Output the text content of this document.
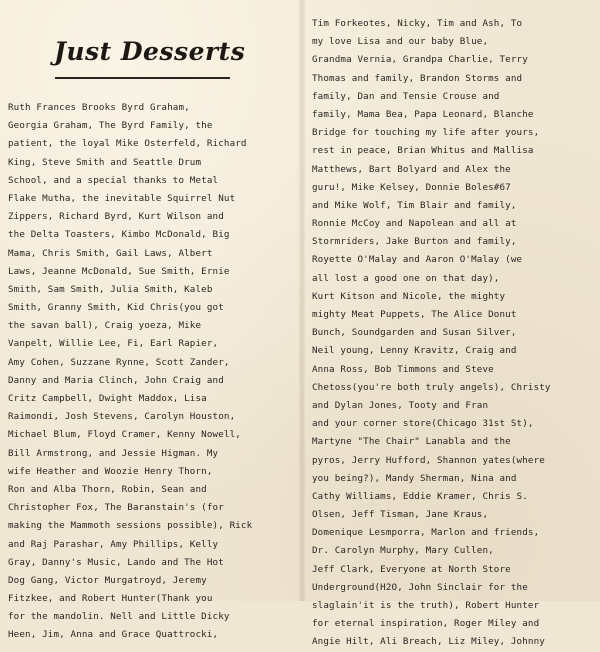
Just Desserts
Ruth Frances Brooks Byrd Graham,
Georgia Graham, The Byrd Family, the
patient, the loyal Mike Osterfeld, Richard
King, Steve Smith and Seattle Drum
School, and a special thanks to Metal
Flake Mutha, the inevitable Squirrel Nut
Zippers, Richard Byrd, Kurt Wilson and
the Delta Toasters, Kimbo McDonald, Big
Mama, Chris Smith, Gail Laws, Albert
Laws, Jeanne McDonald, Sue Smith, Ernie
Smith, Sam Smith, Julia Smith, Kaleb
Smith, Granny Smith, Kid Chris(you got
the savan ball), Craig yoeza, Mike
Vanpelt, Willie Lee, Fi, Earl Rapier,
Amy Cohen, Suzzane Rynne, Scott Zander,
Danny and Maria Clinch, John Craig and
Critz Campbell, Dwight Maddox, Lisa
Raimondi, Josh Stevens, Carolyn Houston,
Michael Blum, Floyd Cramer, Kenny Nowell,
Bill Armstrong, and Jessie Higman. My
wife Heather and Woozie Henry Thorn,
Ron and Alba Thorn, Robin, Sean and
Christopher Fox, The Baranstain's (for
making the Mammoth sessions possible), Rick
and Raj Parashar, Amy Phillips, Kelly
Gray, Danny's Music, Lando and The Hot
Dog Gang, Victor Murgatroyd, Jeremy
Fitzkee, and Robert Hunter(Thank you
for the mandolin. Nell and Little Dicky
Heen, Jim, Anna and Grace Quattrocki,
Tim Forkeotes, Nicky, Tim and Ash, To
my love Lisa and our baby Blue,
Grandma Vernia, Grandpa Charlie, Terry
Thomas and family, Brandon Storms and
family, Dan and Tensie Crouse and
family, Mama Bea, Papa Leonard, Blanche
Bridge for touching my life after yours,
rest in peace, Brian Whitus and Mallisa
Matthews, Bart Bolyard and Alex the
guru!, Mike Kelsey, Donnie Boles#67
and Mike Wolf, Tim Blair and family,
Ronnie McCoy and Napolean and all at
Stormriders, Jake Burton and family,
Royette O'Malay and Aaron O'Malay (we
all lost a good one on that day),
Kurt Kitson and Nicole, the mighty
mighty Meat Puppets, The Alice Donut
Bunch, Soundgarden and Susan Silver,
Neil young, Lenny Kravitz, Craig and
Anna Ross, Bob Timmons and Steve
Chetoss(you're both truly angels), Christy
and Dylan Jones, Tooty and Fran
and your corner store(Chicago 31st St),
Martyne "The Chair" Lanabla and the
pyros, Jerry Hufford, Shannon yates(where
you being?), Mandy Sherman, Nina and
Cathy Williams, Eddie Kramer, Chris S.
Olsen, Jeff Tisman, Jane Kraus,
Domenique Lesmporra, Marlon and friends,
Dr. Carolyn Murphy, Mary Cullen,
Jeff Clark, Everyone at North Store
Underground(H2O, John Sinclair for the
slaglain'it is the truth), Robert Hunter
for eternal inspiration, Roger Miley and
Angie Hilt, Ali Breach, Liz Miley, Johnny
